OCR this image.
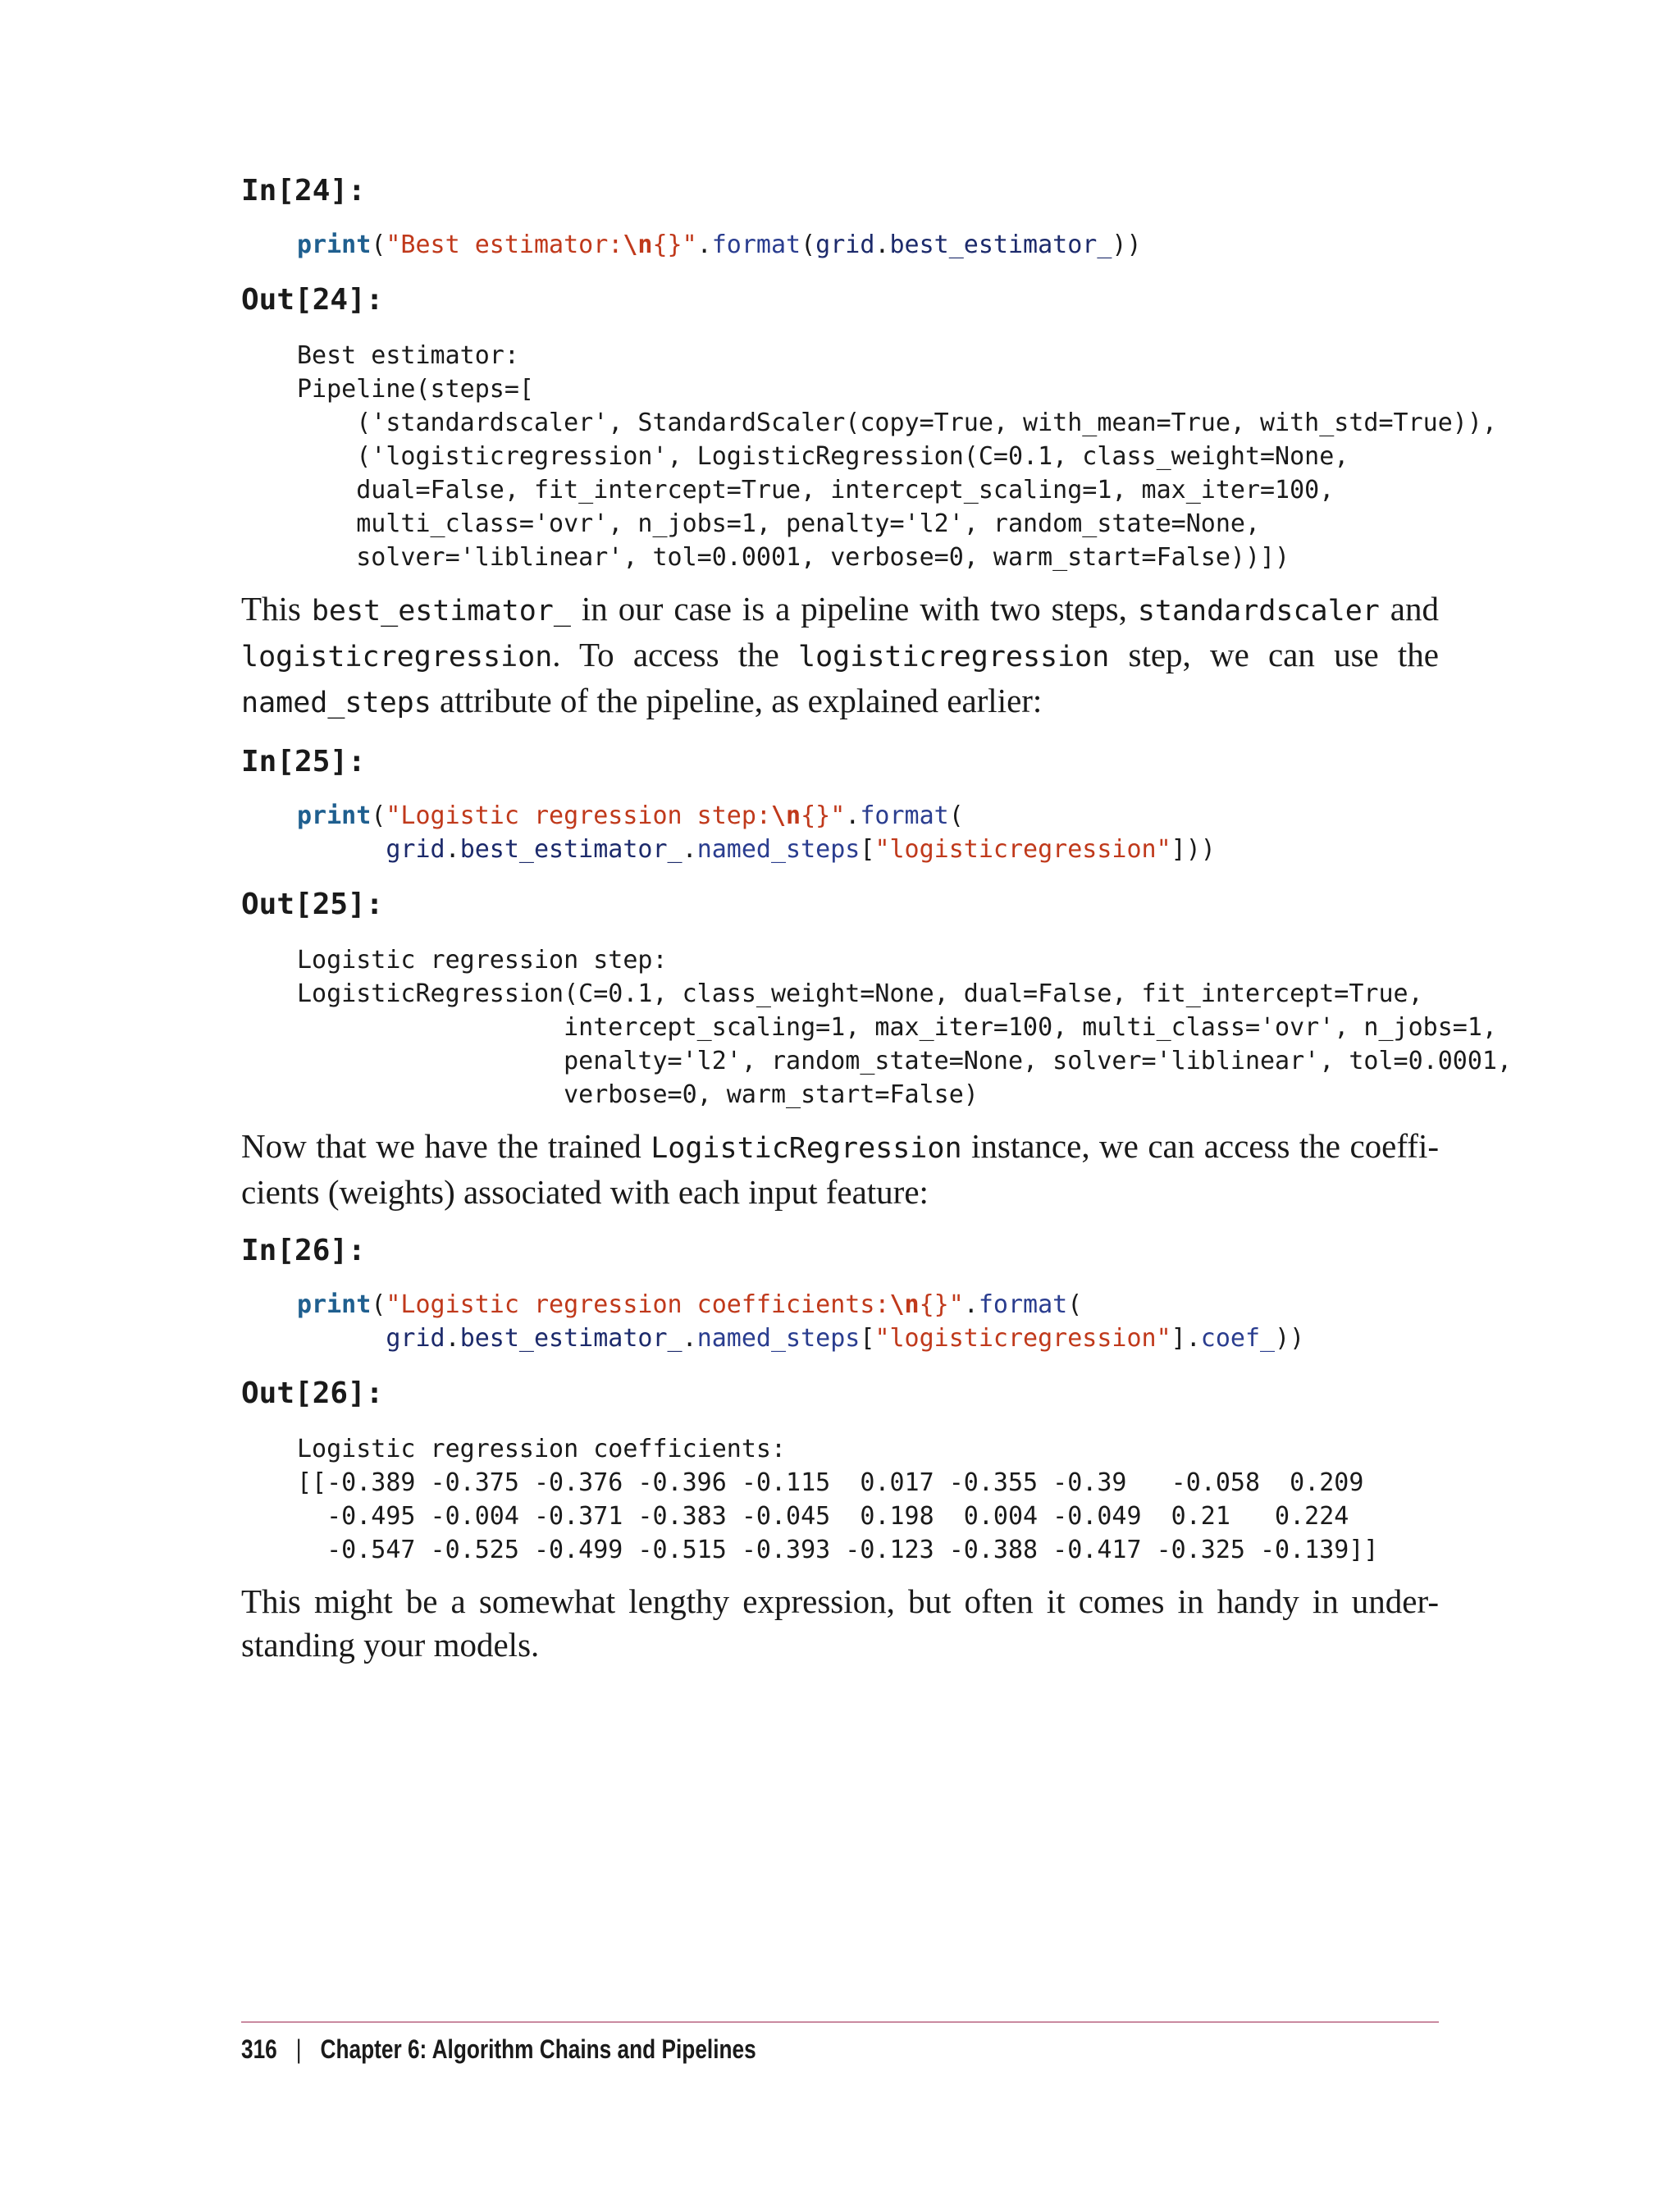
In[24]:

print("Best estimator:\n{}".format(grid.best_estimator_))

Out[24]:

Best estimator:
Pipeline(steps=[
('standardscaler', StandardScaler(copy=True, with_mean=True, with_std=True)),
('logisticregression', LogisticRegression(C=0.1, class_weight=None,
dual=False, fit_intercept=True, intercept_scaling=1, max_iter=100,
multi_class='ovr', n_jobs=1, penalty='l2', random_state=None,
solver='liblinear', tol=0.0001, verbose=0, warm_start=False))])

This best_estimator_ in our case is a pipeline with two steps, standardscaler and logisticregression. To access the logisticregression step, we can use the named_steps attribute of the pipeline, as explained earlier:

In[25]:

print("Logistic regression step:\n{}".format(
grid.best_estimator_.named_steps["logisticregression"]))

Out[25]:

Logistic regression step:
LogisticRegression(C=0.1, class_weight=None, dual=False, fit_intercept=True,
intercept_scaling=1, max_iter=100, multi_class='ovr', n_jobs=1,
penalty='l2', random_state=None, solver='liblinear', tol=0.0001,
verbose=0, warm_start=False)

Now that we have the trained LogisticRegression instance, we can access the coeffi-cients (weights) associated with each input feature:

In[26]:

print("Logistic regression coefficients:\n{}".format(
grid.best_estimator_.named_steps["logisticregression"].coef_))

Out[26]:

Logistic regression coefficients:
[[-0.389 -0.375 -0.376 -0.396 -0.115  0.017 -0.355 -0.39   -0.058  0.209
-0.495 -0.004 -0.371 -0.383 -0.045  0.198  0.004 -0.049  0.21   0.224
-0.547 -0.525 -0.499 -0.515 -0.393 -0.123 -0.388 -0.417 -0.325 -0.139]]

This might be a somewhat lengthy expression, but often it comes in handy in under-standing your models.

316 | Chapter 6: Algorithm Chains and Pipelines
